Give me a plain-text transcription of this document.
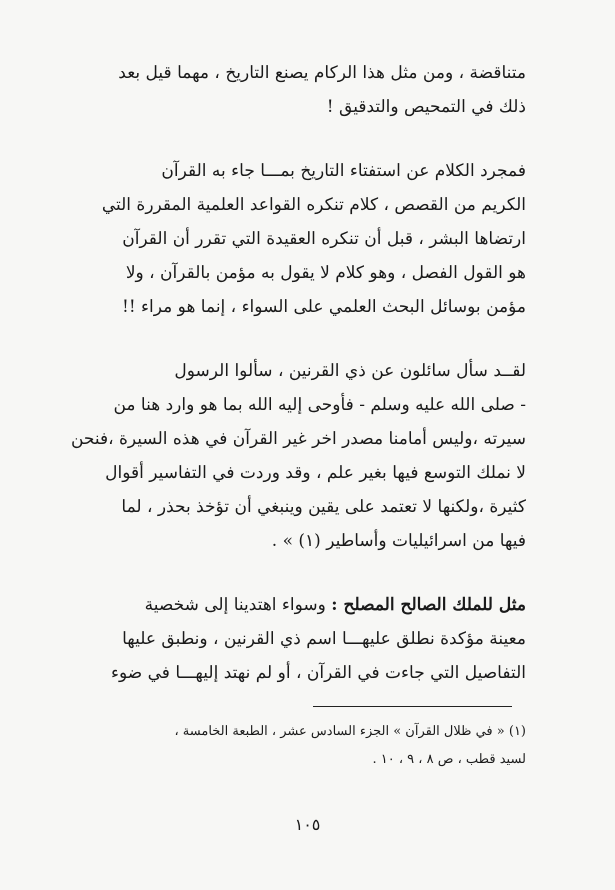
متناقضة ، ومن مثل هذا الركام يصنع التاريخ ، مهما قيل بعد
ذلك في التمحيص والتدقيق !

فمجرد الكلام عن استفتاء التاريخ بمـــا جاء به القرآن
الكريم من القصص ، كلام تنكره القواعد العلمية المقررة التي
ارتضاها البشر ، قبل أن تنكره العقيدة التي تقرر أن القرآن
هو القول الفصل ، وهو كلام لا يقول به مؤمن بالقرآن ، ولا
مؤمن بوسائل البحث العلمي على السواء ، إنما هو مراء !!

لقــد سأل سائلون عن ذي القرنين ، سألوا الرسول
- صلى الله عليه وسلم - فأوحى إليه الله بما هو وارد هنا من
سيرته ،وليس أمامنا مصدر اخر غير القرآن في هذه السيرة ،فنحن
لا نملك التوسع فيها بغير علم ، وقد وردت في التفاسير أقوال
كثيرة ،ولكنها لا تعتمد على يقين وينبغي أن تؤخذ بحذر ، لما
فيها من اسرائيليات وأساطير (١) » .

مثل للملك الصالح المصلح : وسواء اهتدينا إلى شخصية
معينة مؤكدة نطلق عليهـــا اسم ذي القرنين ، ونطبق عليها
التفاصيل التي جاءت في القرآن ، أو لم نهتد إليهـــا في ضوء

(١) « في ظلال القرآن » الجزء السادس عشر ، الطبعة الخامسة ،
لسيد قطب ، ص ٨ ، ٩ ، ١٠ .
١٠٥
